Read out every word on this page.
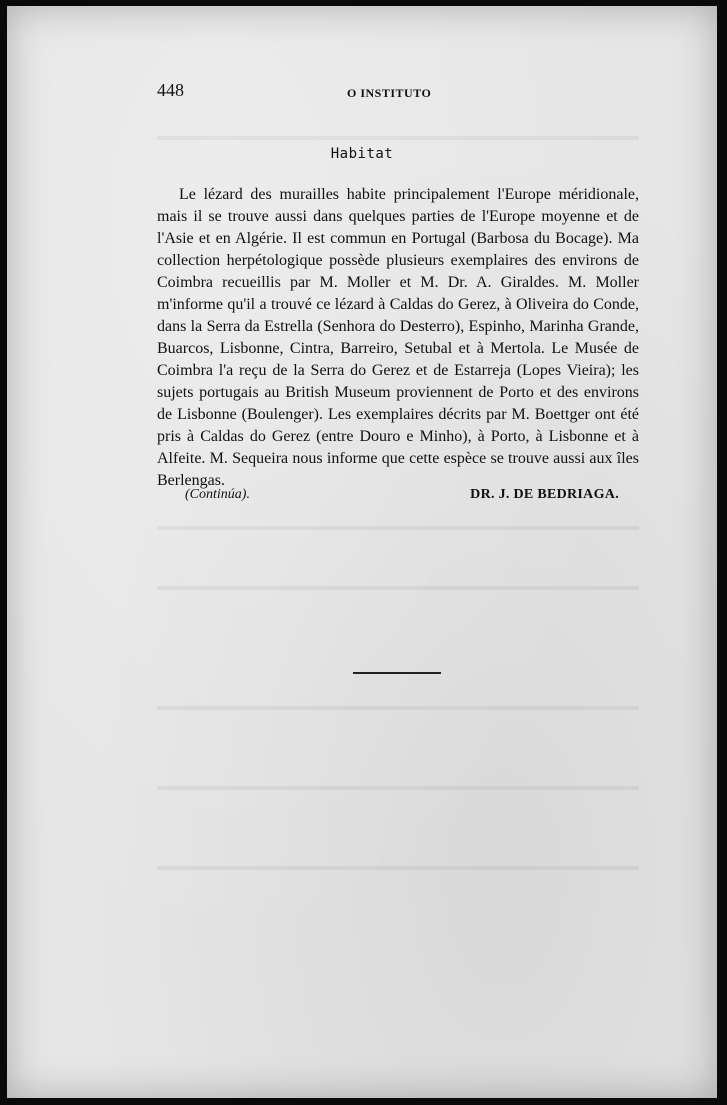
448	O INSTITUTO
Habitat

Le lézard des murailles habite principalement l'Europe méridionale, mais il se trouve aussi dans quelques parties de l'Europe moyenne et de l'Asie et en Algérie. Il est commun en Portugal (Barbosa du Bocage). Ma collection herpétologique possède plusieurs exemplaires des environs de Coimbra recueillis par M. Moller et M. Dr. A. Giraldes. M. Moller m'informe qu'il a trouvé ce lézard à Caldas do Gerez, à Oliveira do Conde, dans la Serra da Estrella (Senhora do Desterro), Espinho, Marinha Grande, Buarcos, Lisbonne, Cintra, Barreiro, Setubal et à Mertola. Le Musée de Coimbra l'a reçu de la Serra do Gerez et de Estarreja (Lopes Vieira); les sujets portugais au British Museum proviennent de Porto et des environs de Lisbonne (Boulenger). Les exemplaires décrits par M. Boettger ont été pris à Caldas do Gerez (entre Douro e Minho), à Porto, à Lisbonne et à Alfeite. M. Sequeira nous informe que cette espèce se trouve aussi aux îles Berlengas.

(Continúa).	DR. J. DE BEDRIAGA.
